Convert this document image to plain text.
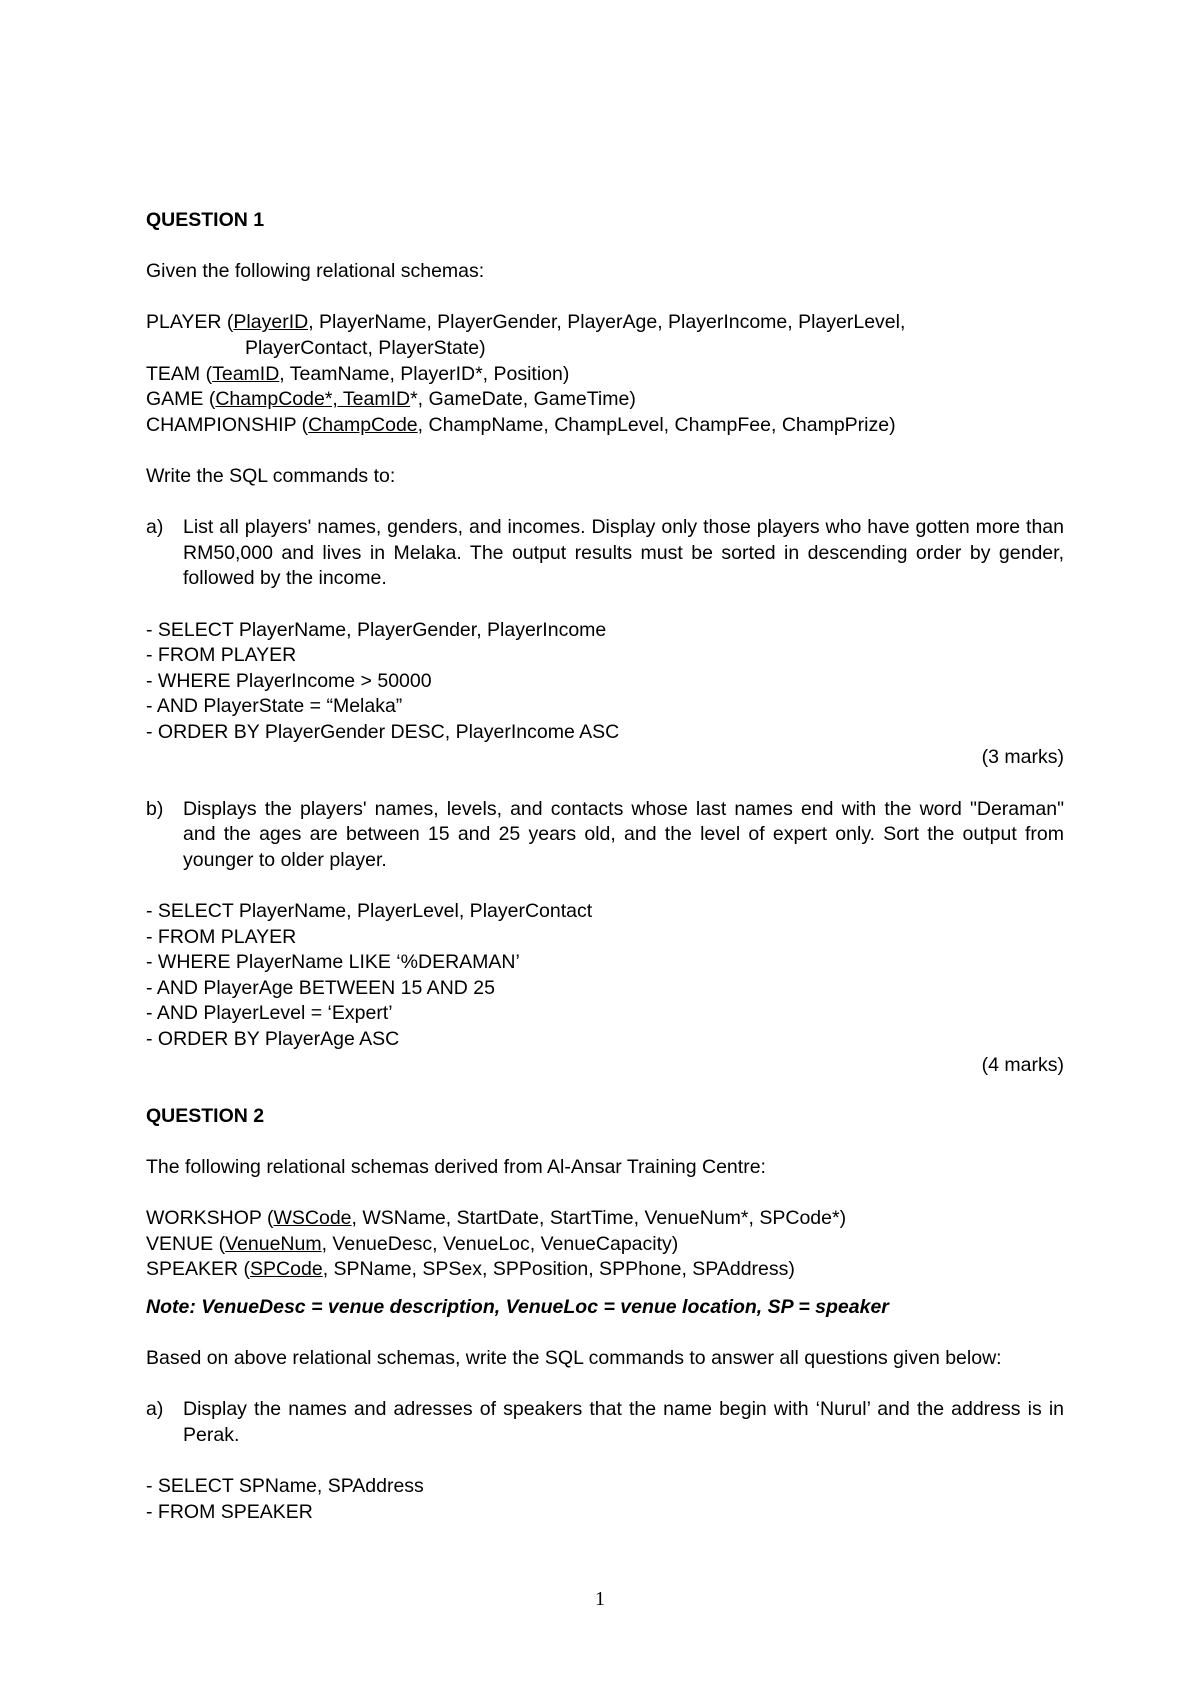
QUESTION 1

Given the following relational schemas:

PLAYER (PlayerID, PlayerName, PlayerGender, PlayerAge, PlayerIncome, PlayerLevel,
PlayerContact, PlayerState)
TEAM (TeamID, TeamName, PlayerID*, Position)
GAME (ChampCode*, TeamID*, GameDate, GameTime)
CHAMPIONSHIP (ChampCode, ChampName, ChampLevel, ChampFee, ChampPrize)

Write the SQL commands to:

a)	List all players' names, genders, and incomes. Display only those players who have gotten more than RM50,000 and lives in Melaka. The output results must be sorted in descending order by gender, followed by the income.
- SELECT PlayerName, PlayerGender, PlayerIncome
- FROM PLAYER
- WHERE PlayerIncome > 50000
- AND PlayerState = “Melaka”
- ORDER BY PlayerGender DESC, PlayerIncome ASC
(3 marks)
b)	Displays the players' names, levels, and contacts whose last names end with the word "Deraman" and the ages are between 15 and 25 years old, and the level of expert only. Sort the output from younger to older player.
- SELECT PlayerName, PlayerLevel, PlayerContact
- FROM PLAYER
- WHERE PlayerName LIKE ‘%DERAMAN’
- AND PlayerAge BETWEEN 15 AND 25
- AND PlayerLevel = ‘Expert’
- ORDER BY PlayerAge ASC
(4 marks)

QUESTION 2

The following relational schemas derived from Al-Ansar Training Centre:

WORKSHOP (WSCode, WSName, StartDate, StartTime, VenueNum*, SPCode*)
VENUE (VenueNum, VenueDesc, VenueLoc, VenueCapacity)
SPEAKER (SPCode, SPName, SPSex, SPPosition, SPPhone, SPAddress)

Note: VenueDesc = venue description, VenueLoc = venue location, SP = speaker

Based on above relational schemas, write the SQL commands to answer all questions given below:

a)	Display the names and adresses of speakers that the name begin with ‘Nurul’ and the address is in Perak.
- SELECT SPName, SPAddress
- FROM SPEAKER
1
